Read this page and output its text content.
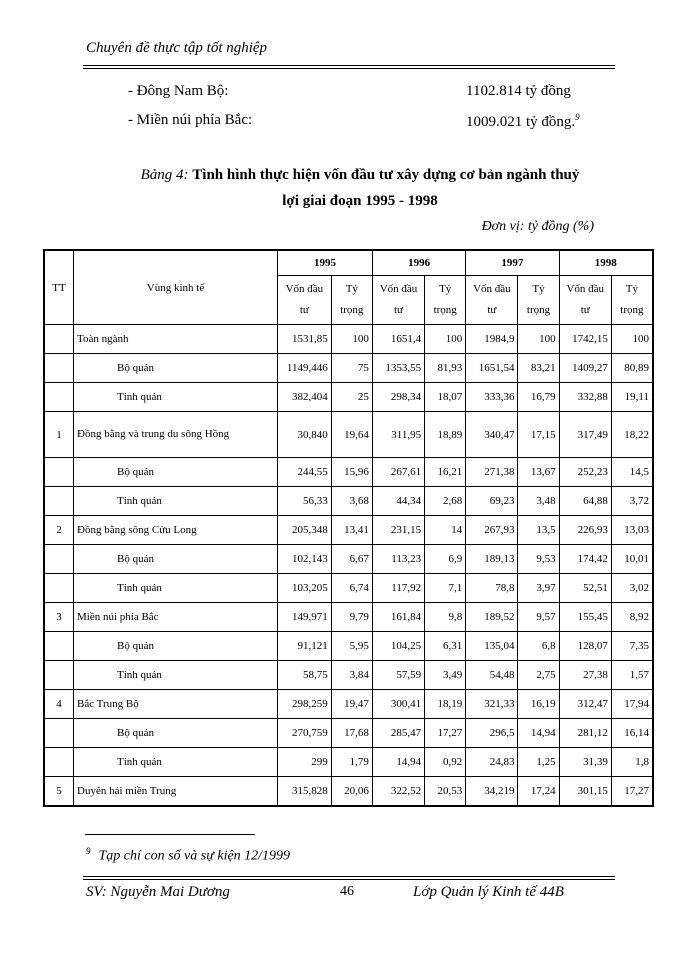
Chuyên đề thực tập tốt nghiệp
- Đông Nam Bộ:	1102.814 tỷ đồng
- Miền núi phía Bắc:	1009.021 tỷ đồng.$^9$
Bảng 4: Tình hình thực hiện vốn đầu tư xây dựng cơ bản ngành thuỷ
lợi giai đoạn 1995 - 1998
Đơn vị: tỷ đồng (%)
TT	Vùng kinh tế	1995		1996		1997		1998	
		Vốn đầu tư	Tỷ trọng	Vốn đầu tư	Tỷ trọng	Vốn đầu tư	Tỷ trọng	Vốn đầu tư	Tỷ trọng
	Toàn ngành	1531,85	100	1651,4	100	1984,9	100	1742,15	100
	Bộ quản	1149,446	75	1353,55	81,93	1651,54	83,21	1409,27	80,89
	Tỉnh quản	382,404	25	298,34	18,07	333,36	16,79	332,88	19,11
1	Đồng bằng và trung du sông Hồng	30,840	19,64	311,95	18,89	340,47	17,15	317,49	18,22
	Bộ quản	244,55	15,96	267,61	16,21	271,38	13,67	252,23	14,5
	Tỉnh quản	56,33	3,68	44,34	2,68	69,23	3,48	64,88	3,72
2	Đồng bằng sông Cửu Long	205,348	13,41	231,15	14	267,93	13,5	226,93	13,03
	Bộ quản	102,143	6,67	113,23	6,9	189,13	9,53	174,42	10,01
	Tỉnh quản	103,205	6,74	117,92	7,1	78,8	3,97	52,51	3,02
3	Miền núi phía Bắc	149,971	9,79	161,84	9,8	189,52	9,57	155,45	8,92
	Bộ quản	91,121	5,95	104,25	6,31	135,04	6,8	128,07	7,35
	Tỉnh quản	58,75	3,84	57,59	3,49	54,48	2,75	27,38	1,57
4	Bắc Trung Bộ	298,259	19,47	300,41	18,19	321,33	16,19	312,47	17,94
	Bộ quản	270,759	17,68	285,47	17,27	296,5	14,94	281,12	16,14
	Tỉnh quản	299	1,79	14,94	0,92	24,83	1,25	31,39	1,8
5	Duyên hải miền Trung	315,828	20,06	322,52	20,53	34,219	17,24	301,15	17,27
$^9$ Tạp chí con số và sự kiện 12/1999
SV: Nguyễn Mai Dương	46	Lớp Quản lý Kinh tế 44B
